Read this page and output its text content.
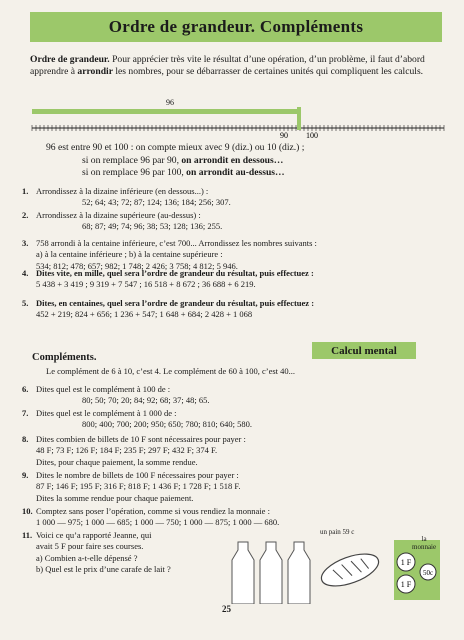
Ordre de grandeur. Compléments
Ordre de grandeur. Pour apprécier très vite le résultat d’une opération, d’un problème, il faut d’abord apprendre à arrondir les nombres, pour se débarrasser de certaines unités qui compliquent les calculs.
96
90 100
96 est entre 90 et 100 : on compte mieux avec 9 (diz.) ou 10 (diz.) ;
si on remplace 96 par 90, on arrondit en dessous…
si on remplace 96 par 100, on arrondit au-dessus…
1. Arrondissez à la dizaine inférieure (en dessous...) :
52; 64; 43; 72; 87; 124; 136; 184; 256; 307.
2. Arrondissez à la dizaine supérieure (au-dessus) :
68; 87; 49; 74; 96; 38; 53; 128; 136; 255.
3. 758 arrondi à la centaine inférieure, c’est 700... Arrondissez les nombres suivants :
a) à la centaine inférieure ; b) à la centaine supérieure :
534; 812; 478; 657; 982; 1 748; 2 426; 3 758; 4 812; 5 946.
4. Dites vite, en mille, quel sera l’ordre de grandeur du résultat, puis effectuez :
5 438 + 3 419 ; 9 319 + 7 547 ; 16 518 + 8 672 ; 36 688 + 6 219.
5. Dites, en centaines, quel sera l’ordre de grandeur du résultat, puis effectuez :
452 + 219; 824 + 656; 1 236 + 547; 1 648 + 684; 2 428 + 1 068
Compléments.
Calcul mental
Le complément de 6 à 10, c’est 4. Le complément de 60 à 100, c’est 40...
6. Dites quel est le complément à 100 de :
80; 50; 70; 20; 84; 92; 68; 37; 48; 65.
7. Dites quel est le complément à 1 000 de :
800; 400; 700; 200; 950; 650; 780; 810; 640; 580.
8. Dites combien de billets de 10 F sont nécessaires pour payer :
48 F; 73 F; 126 F; 184 F; 235 F; 297 F; 432 F; 374 F.
Dites, pour chaque paiement, la somme rendue.
9. Dites le nombre de billets de 100 F nécessaires pour payer :
87 F; 146 F; 195 F; 316 F; 818 F; 1 436 F; 1 728 F; 1 518 F.
Dites la somme rendue pour chaque paiement.
10. Comptez sans poser l’opération, comme si vous rendiez la monnaie :
1 000 — 975; 1 000 — 685; 1 000 — 750; 1 000 — 875; 1 000 — 680.
11. Voici ce qu’a rapporté Jeanne, qui
avait 5 F pour faire ses courses.
a) Combien a-t-elle dépensé ?
b) Quel est le prix d’une carafe de lait ?
1 F
50c
1 F
un pain 59 c
la
monnaie
25
